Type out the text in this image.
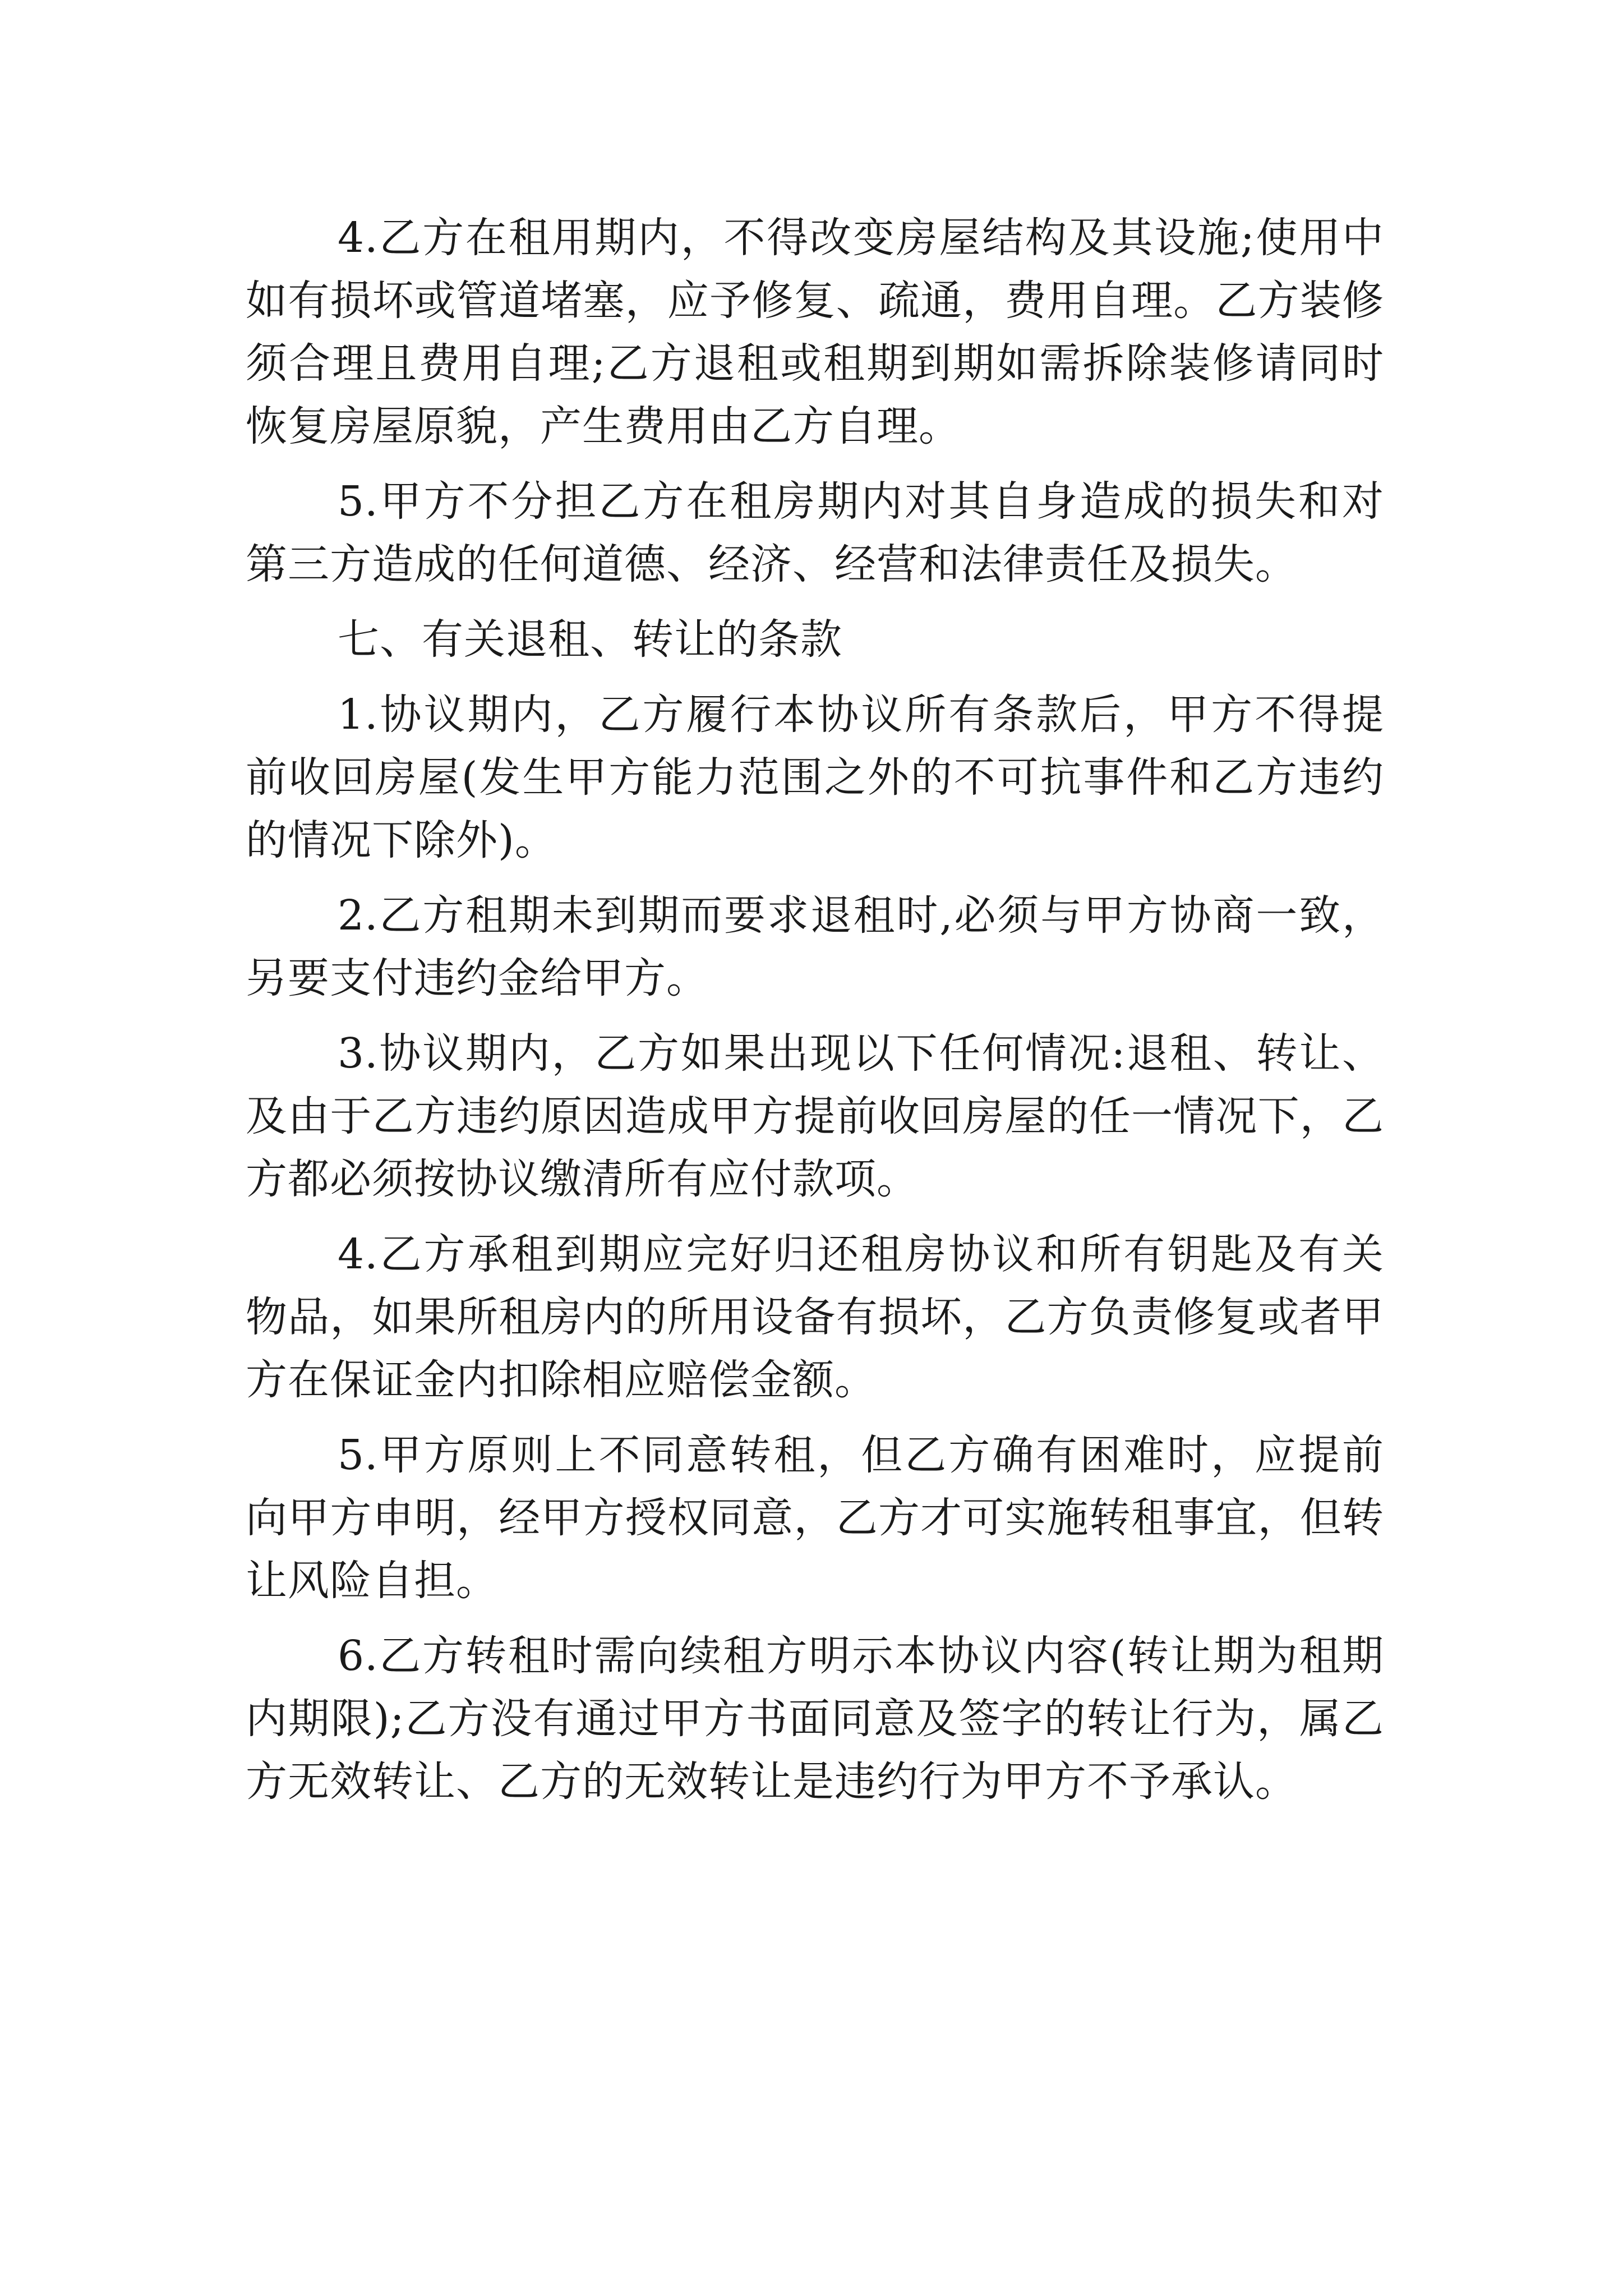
4.乙方在租用期内，不得改变房屋结构及其设施;使用中如有损坏或管道堵塞，应予修复、疏通，费用自理。乙方装修须合理且费用自理;乙方退租或租期到期如需拆除装修请同时恢复房屋原貌，产生费用由乙方自理。

5.甲方不分担乙方在租房期内对其自身造成的损失和对第三方造成的任何道德、经济、经营和法律责任及损失。

七、有关退租、转让的条款

1.协议期内，乙方履行本协议所有条款后，甲方不得提前收回房屋(发生甲方能力范围之外的不可抗事件和乙方违约的情况下除外)。

2.乙方租期未到期而要求退租时,必须与甲方协商一致，另要支付违约金给甲方。

3.协议期内，乙方如果出现以下任何情况:退租、转让、及由于乙方违约原因造成甲方提前收回房屋的任一情况下，乙方都必须按协议缴清所有应付款项。

4.乙方承租到期应完好归还租房协议和所有钥匙及有关物品，如果所租房内的所用设备有损坏，乙方负责修复或者甲方在保证金内扣除相应赔偿金额。

5.甲方原则上不同意转租，但乙方确有困难时，应提前向甲方申明，经甲方授权同意，乙方才可实施转租事宜，但转让风险自担。

6.乙方转租时需向续租方明示本协议内容(转让期为租期内期限);乙方没有通过甲方书面同意及签字的转让行为，属乙方无效转让、乙方的无效转让是违约行为甲方不予承认。
